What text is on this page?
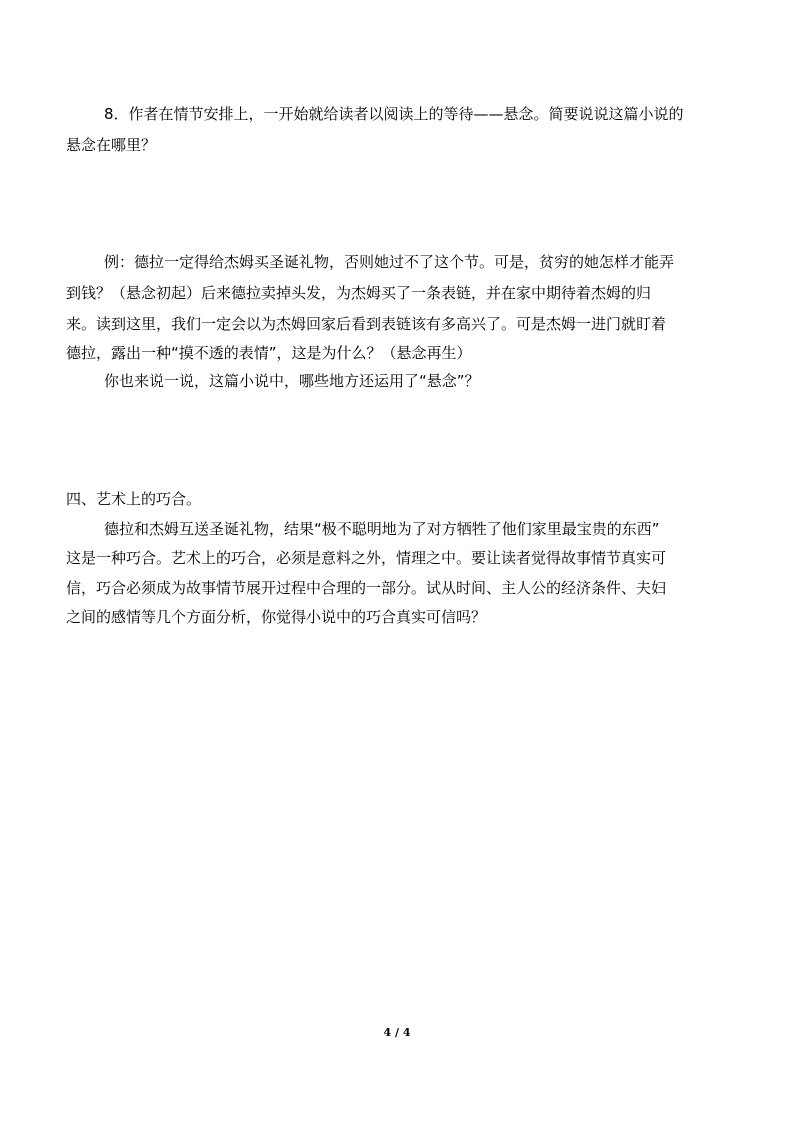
8．作者在情节安排上，一开始就给读者以阅读上的等待——悬念。简要说说这篇小说的
悬念在哪里？
例：德拉一定得给杰姆买圣诞礼物，否则她过不了这个节。可是，贫穷的她怎样才能弄
到钱？（悬念初起）后来德拉卖掉头发，为杰姆买了一条表链，并在家中期待着杰姆的归
来。读到这里，我们一定会以为杰姆回家后看到表链该有多高兴了。可是杰姆一进门就盯着
德拉，露出一种“摸不透的表情”，这是为什么？（悬念再生）
你也来说一说，这篇小说中，哪些地方还运用了“悬念”？
四、艺术上的巧合。
德拉和杰姆互送圣诞礼物，结果“极不聪明地为了对方牺牲了他们家里最宝贵的东西”
这是一种巧合。艺术上的巧合，必须是意料之外，情理之中。要让读者觉得故事情节真实可
信，巧合必须成为故事情节展开过程中合理的一部分。试从时间、主人公的经济条件、夫妇
之间的感情等几个方面分析，你觉得小说中的巧合真实可信吗？
4 / 4
